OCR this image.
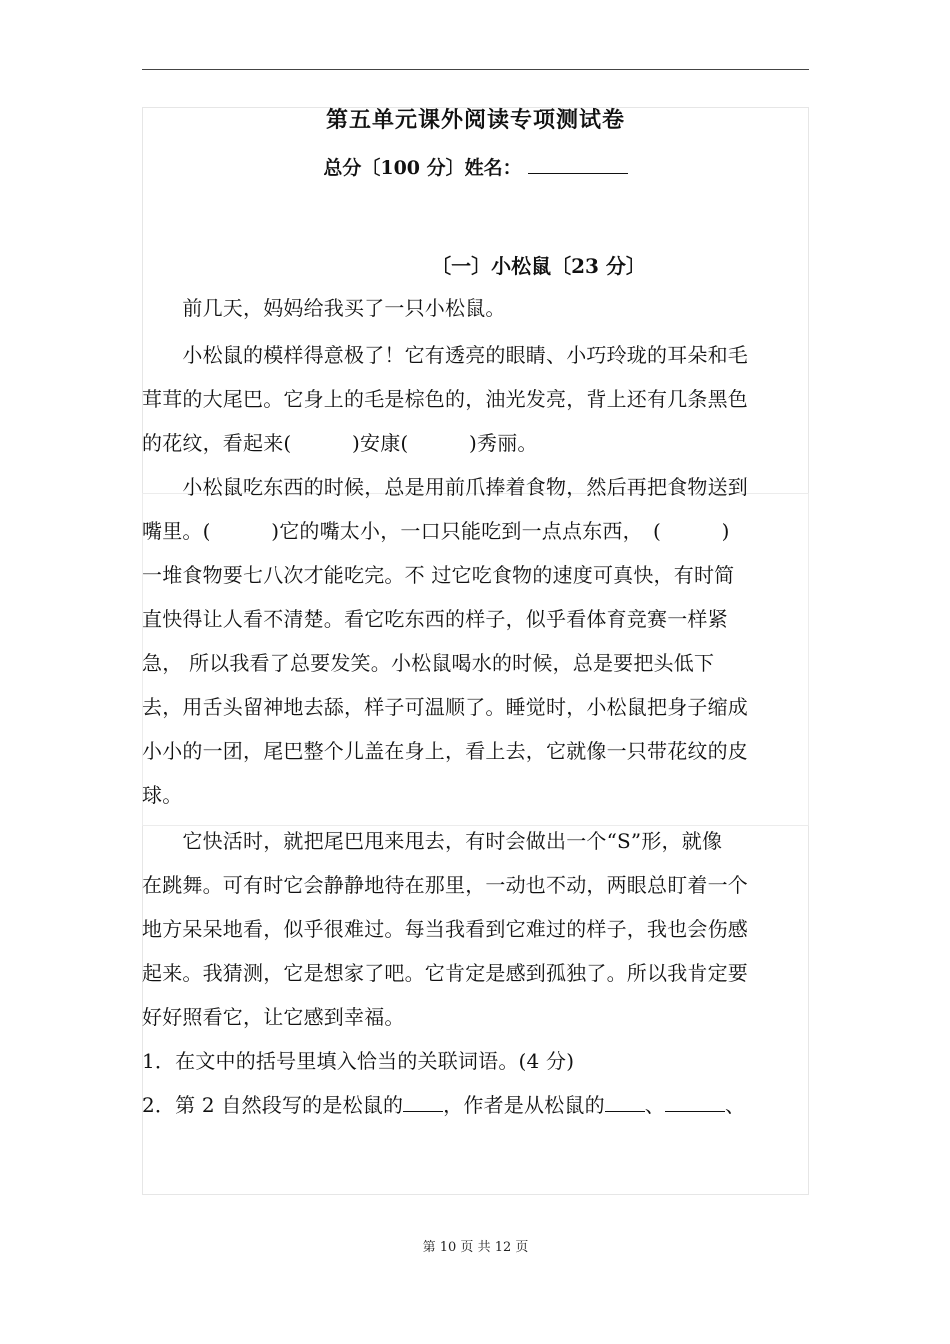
第五单元课外阅读专项测试卷
总分〔100 分〕姓名：
〔一〕小松鼠〔23 分〕
　　前几天，妈妈给我买了一只小松鼠。
　　小松鼠的模样得意极了！它有透亮的眼睛、小巧玲珑的耳朵和毛
茸茸的大尾巴。它身上的毛是棕色的，油光发亮，背上还有几条黑色
的花纹，看起来(　　　)安康(　　　)秀丽。
　　小松鼠吃东西的时候，总是用前爪捧着食物，然后再把食物送到
嘴里。(　　　)它的嘴太小，一口只能吃到一点点东西，　(　　　)
一堆食物要七八次才能吃完。不 过它吃食物的速度可真快，有时简
直快得让人看不清楚。看它吃东西的样子，似乎看体育竞赛一样紧
急， 所以我看了总要发笑。小松鼠喝水的时候，总是要把头低下
去，用舌头留神地去舔，样子可温顺了。睡觉时，小松鼠把身子缩成
小小的一团，尾巴整个儿盖在身上，看上去，它就像一只带花纹的皮
球。
　　它快活时，就把尾巴甩来甩去，有时会做出一个“S”形，就像
在跳舞。可有时它会静静地待在那里，一动也不动，两眼总盯着一个
地方呆呆地看，似乎很难过。每当我看到它难过的样子，我也会伤感
起来。我猜测，它是想家了吧。它肯定是感到孤独了。所以我肯定要
好好照看它，让它感到幸福。
1．在文中的括号里填入恰当的关联词语。(4 分)
2．第 2 自然段写的是松鼠的 ，作者是从松鼠的 、	、
第 10 页 共 12 页
